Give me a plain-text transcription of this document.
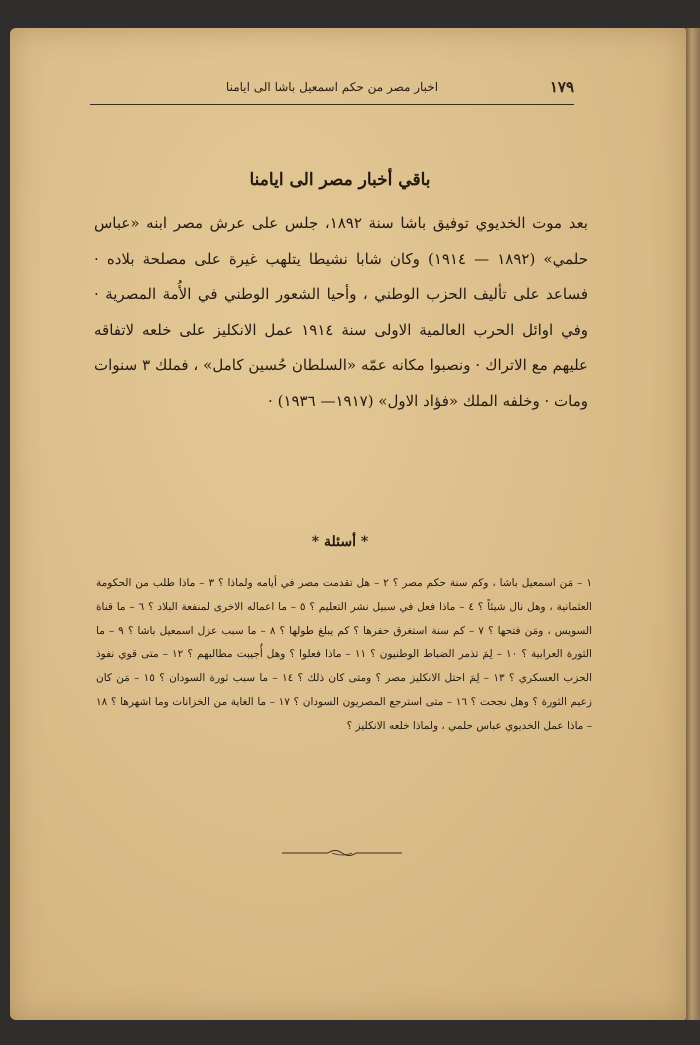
١٧٩
اخبار مصر من حكم اسمعيل باشا الى ايامنا
باقي أخبار مصر الى ايامنا
بعد موت الخديوي توفيق باشا سنة ١٨٩٢، جلس على عرش مصر ابنه «عباس حلمي» (١٨٩٢ — ١٩١٤) وكان شابا نشيطا يتلهب غيرة على مصلحة بلاده · فساعد على تأليف الحزب الوطني ، وأحيا الشعور الوطني في الأُمة المصرية · وفي اوائل الحرب العالمية الاولى سنة ١٩١٤ عمل الانكليز على خلعه لاتفاقه عليهم مع الاتراك · ونصبوا مكانه عمّه «السلطان حُسين كامل» ، فملك ٣ سنوات ومات · وخلفه الملك «فؤاد الاول» (١٩١٧— ١٩٣٦) ·
* أسئلة *
١ – مَن اسمعيل باشا ، وكم سنة حكم مصر ؟ ٢ – هل تقدمت مصر في أيامه ولماذا ؟ ٣ – ماذا طلب من الحكومة العثمانية ، وهل نال شيئاً ؟ ٤ – ماذا فعل في سبيل نشر التعليم ؟ ٥ – ما اعماله الاخرى لمنفعة البلاد ؟ ٦ – ما قناة السويس ، ومَن فتحها ؟ ٧ – كم سنة استغرق حفرها ؟ كم يبلغ طولها ؟ ٨ – ما سبب عزل اسمعيل باشا ؟ ٩ – ما الثورة العرابية ؟ ١٠ – لِمَ تذمر الضباط الوطنيون ؟ ١١ – ماذا فعلوا ؟ وهل أُجيبت مطالبهم ؟ ١٢ – متى قوي نفوذ الحزب العسكري ؟ ١٣ – لِمَ احتل الانكليز مصر ؟ ومتى كان ذلك ؟ ١٤ – ما سبب ثورة السودان ؟ ١٥ – مَن كان زعيم الثورة ؟ وهل نجحت ؟ ١٦ – متى استرجع المصريون السودان ؟ ١٧ – ما الغاية من الخزانات وما اشهرها ؟ ١٨ – ماذا عمل الخديوي عباس حلمي ، ولماذا خلعه الانكليز ؟
